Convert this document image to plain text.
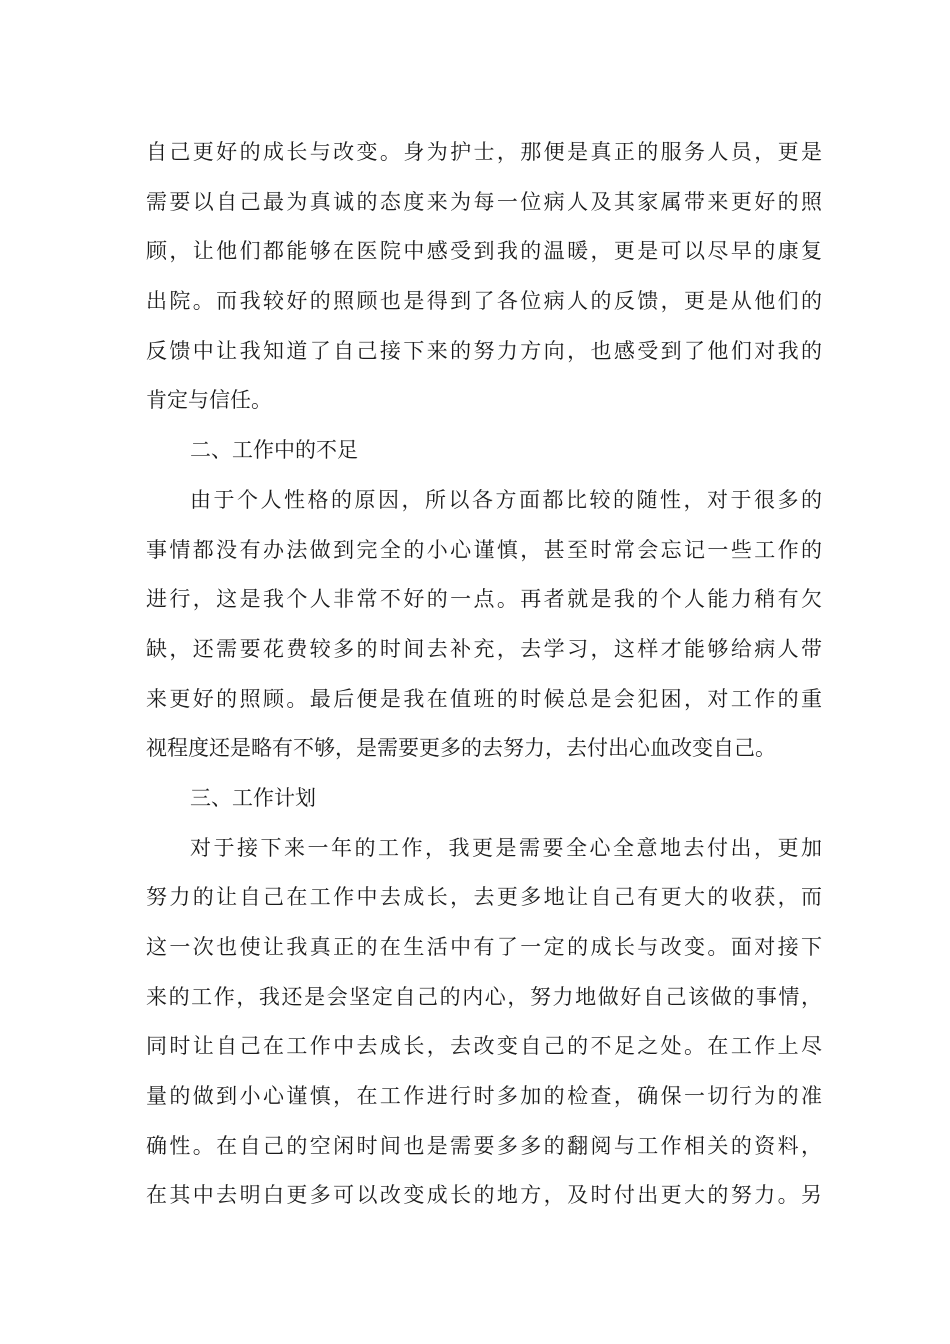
自己更好的成长与改变。身为护士，那便是真正的服务人员，更是
需要以自己最为真诚的态度来为每一位病人及其家属带来更好的照
顾，让他们都能够在医院中感受到我的温暖，更是可以尽早的康复
出院。而我较好的照顾也是得到了各位病人的反馈，更是从他们的
反馈中让我知道了自己接下来的努力方向，也感受到了他们对我的
肯定与信任。
二、工作中的不足
由于个人性格的原因，所以各方面都比较的随性，对于很多的
事情都没有办法做到完全的小心谨慎，甚至时常会忘记一些工作的
进行，这是我个人非常不好的一点。再者就是我的个人能力稍有欠
缺，还需要花费较多的时间去补充，去学习，这样才能够给病人带
来更好的照顾。最后便是我在值班的时候总是会犯困，对工作的重
视程度还是略有不够，是需要更多的去努力，去付出心血改变自己。
三、工作计划
对于接下来一年的工作，我更是需要全心全意地去付出，更加
努力的让自己在工作中去成长，去更多地让自己有更大的收获，而
这一次也使让我真正的在生活中有了一定的成长与改变。面对接下
来的工作，我还是会坚定自己的内心，努力地做好自己该做的事情，
同时让自己在工作中去成长，去改变自己的不足之处。在工作上尽
量的做到小心谨慎，在工作进行时多加的检查，确保一切行为的准
确性。在自己的空闲时间也是需要多多的翻阅与工作相关的资料，
在其中去明白更多可以改变成长的地方，及时付出更大的努力。另
